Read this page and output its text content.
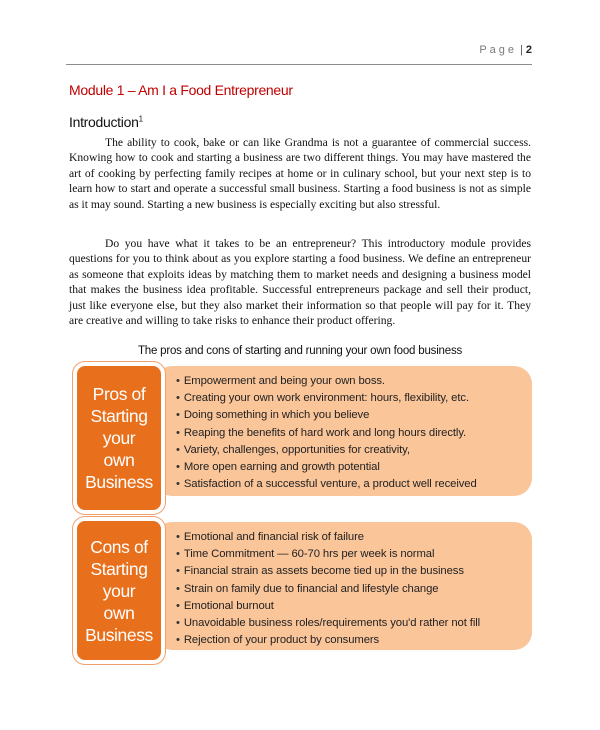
Page | 2
Module 1 – Am I a Food Entrepreneur
Introduction$^1$

The ability to cook, bake or can like Grandma is not a guarantee of commercial success. Knowing how to cook and starting a business are two different things. You may have mastered the art of cooking by perfecting family recipes at home or in culinary school, but your next step is to learn how to start and operate a successful small business. Starting a food business is not as simple as it may sound. Starting a new business is especially exciting but also stressful.

Do you have what it takes to be an entrepreneur? This introductory module provides questions for you to think about as you explore starting a food business. We define an entrepreneur as someone that exploits ideas by matching them to market needs and designing a business model that makes the business idea profitable. Successful entrepreneurs package and sell their product, just like everyone else, but they also market their information so that people will pay for it. They are creative and willing to take risks to enhance their product offering.

The pros and cons of starting and running your own food business
Pros of
Starting
your
own
Business
• Empowerment and being your own boss.
• Creating your own work environment: hours, flexibility, etc.
• Doing something in which you believe
• Reaping the benefits of hard work and long hours directly.
• Variety, challenges, opportunities for creativity,
• More open earning and growth potential
• Satisfaction of a successful venture, a product well received
Cons of
Starting
your
own
Business
• Emotional and financial risk of failure
• Time Commitment — 60-70 hrs per week is normal
• Financial strain as assets become tied up in the business
• Strain on family due to financial and lifestyle change
• Emotional burnout
• Unavoidable business roles/requirements you'd rather not fill
• Rejection of your product by consumers
